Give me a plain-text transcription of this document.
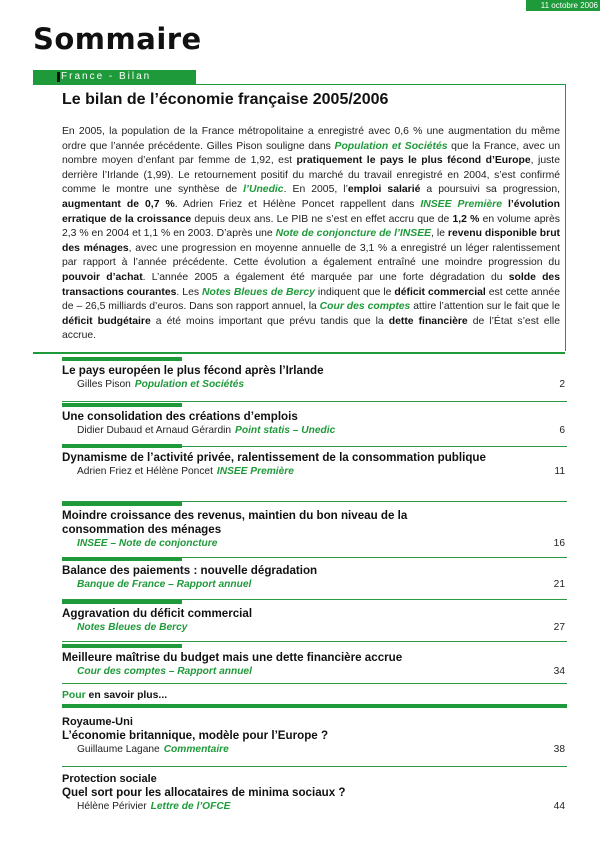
11 octobre 2006
Sommaire
France - Bilan
Le bilan de l’économie française 2005/2006
En 2005, la population de la France métropolitaine a enregistré avec 0,6 % une augmentation du même ordre que l’année précédente. Gilles Pison souligne dans Population et Sociétés que la France, avec un nombre moyen d’enfant par femme de 1,92, est pratiquement le pays le plus fécond d’Europe, juste derrière l’Irlande (1,99). Le retournement positif du marché du travail enregistré en 2004, s’est confirmé comme le montre une synthèse de l’Unedic. En 2005, l’emploi salarié a poursuivi sa progression, augmentant de 0,7 %. Adrien Friez et Hélène Poncet rappellent dans INSEE Première l’évolution erratique de la croissance depuis deux ans. Le PIB ne s’est en effet accru que de 1,2 % en volume après 2,3 % en 2004 et 1,1 % en 2003. D’après une Note de conjoncture de l’INSEE, le revenu disponible brut des ménages, avec une progression en moyenne annuelle de 3,1 % a enregistré un léger ralentissement par rapport à l’année précédente. Cette évolution a également entraîné une moindre progression du pouvoir d’achat. L’année 2005 a également été marquée par une forte dégradation du solde des transactions courantes. Les Notes Bleues de Bercy indiquent que le déficit commercial est cette année de – 26,5 milliards d’euros. Dans son rapport annuel, la Cour des comptes attire l’attention sur le fait que le déficit budgétaire a été moins important que prévu tandis que la dette financière de l’État s’est elle accrue.
Le pays européen le plus fécond après l’Irlande
Gilles Pison Population et Sociétés	2
Une consolidation des créations d’emplois
Didier Dubaud et Arnaud Gérardin Point statis – Unedic	6
Dynamisme de l’activité privée, ralentissement de la consommation publique
Adrien Friez et Hélène Poncet INSEE Première	11
Moindre croissance des revenus, maintien du bon niveau de la consommation des ménages
INSEE – Note de conjoncture	16
Balance des paiements : nouvelle dégradation
Banque de France – Rapport annuel	21
Aggravation du déficit commercial
Notes Bleues de Bercy	27
Meilleure maîtrise du budget mais une dette financière accrue
Cour des comptes – Rapport annuel	34
Pour en savoir plus...
Royaume-Uni
L’économie britannique, modèle pour l’Europe ?
Guillaume Lagane Commentaire	38
Protection sociale
Quel sort pour les allocataires de minima sociaux ?
Hélène Périvier Lettre de l’OFCE	44
